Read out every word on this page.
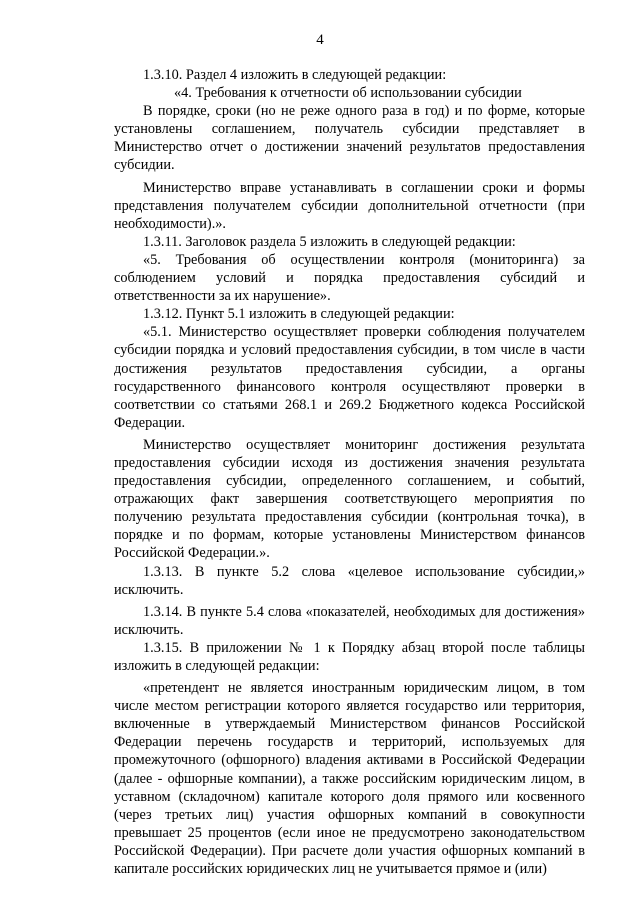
4

1.3.10. Раздел 4 изложить в следующей редакции:

«4. Требования к отчетности об использовании субсидии

В порядке, сроки (но не реже одного раза в год) и по форме, которые установлены соглашением, получатель субсидии представляет в Министерство отчет о достижении значений результатов предоставления субсидии.

Министерство вправе устанавливать в соглашении сроки и формы представления получателем субсидии дополнительной отчетности (при необходимости).».

1.3.11. Заголовок раздела 5 изложить в следующей редакции:

«5. Требования об осуществлении контроля (мониторинга) за соблюдением условий и порядка предоставления субсидий и ответственности за их нарушение».

1.3.12. Пункт 5.1 изложить в следующей редакции:

«5.1. Министерство осуществляет проверки соблюдения получателем субсидии порядка и условий предоставления субсидии, в том числе в части достижения результатов предоставления субсидии, а органы государственного финансового контроля осуществляют проверки в соответствии со статьями 268.1 и 269.2 Бюджетного кодекса Российской Федерации.

Министерство осуществляет мониторинг достижения результата предоставления субсидии исходя из достижения значения результата предоставления субсидии, определенного соглашением, и событий, отражающих факт завершения соответствующего мероприятия по получению результата предоставления субсидии (контрольная точка), в порядке и по формам, которые установлены Министерством финансов Российской Федерации.».

1.3.13. В пункте 5.2 слова «целевое использование субсидии,» исключить.

1.3.14. В пункте 5.4 слова «показателей, необходимых для достижения» исключить.

1.3.15. В приложении № 1 к Порядку абзац второй после таблицы изложить в следующей редакции:

«претендент не является иностранным юридическим лицом, в том числе местом регистрации которого является государство или территория, включенные в утверждаемый Министерством финансов Российской Федерации перечень государств и территорий, используемых для промежуточного (офшорного) владения активами в Российской Федерации (далее - офшорные компании), а также российским юридическим лицом, в уставном (складочном) капитале которого доля прямого или косвенного (через третьих лиц) участия офшорных компаний в совокупности превышает 25 процентов (если иное не предусмотрено законодательством Российской Федерации). При расчете доли участия офшорных компаний в капитале российских юридических лиц не учитывается прямое и (или)
